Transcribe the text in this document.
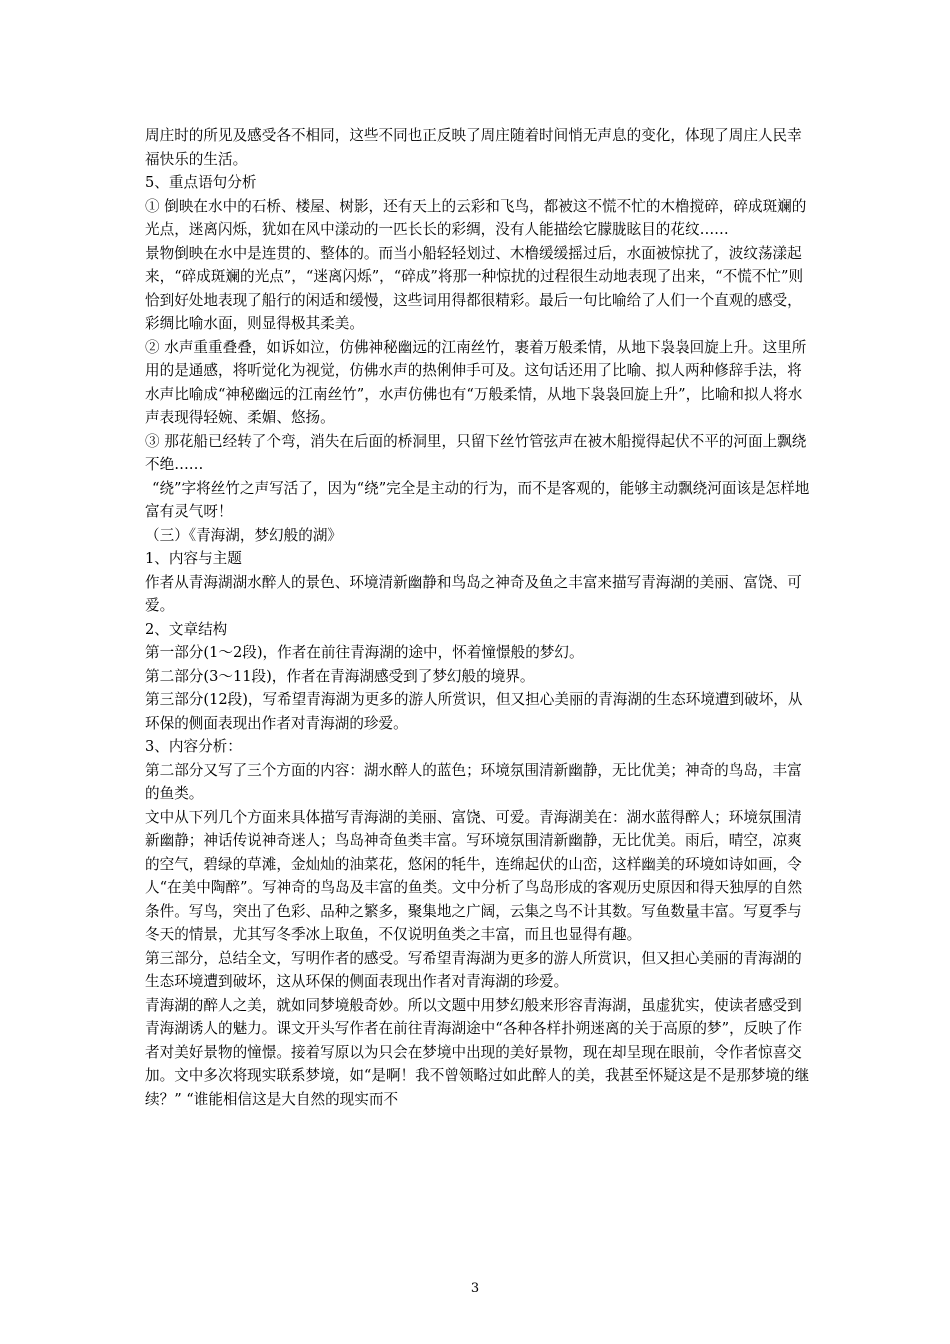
周庄时的所见及感受各不相同，这些不同也正反映了周庄随着时间悄无声息的变化，体现了周庄人民幸福快乐的生活。

5、重点语句分析

① 倒映在水中的石桥、楼屋、树影，还有天上的云彩和飞鸟，都被这不慌不忙的木橹搅碎，碎成斑斓的光点，迷离闪烁，犹如在风中漾动的一匹长长的彩绸，没有人能描绘它朦胧眩目的花纹……

景物倒映在水中是连贯的、整体的。而当小船轻轻划过、木橹缓缓摇过后，水面被惊扰了，波纹荡漾起来，“碎成斑斓的光点”，“迷离闪烁”，“碎成”将那一种惊扰的过程很生动地表现了出来，“不慌不忙”则恰到好处地表现了船行的闲适和缓慢，这些词用得都很精彩。最后一句比喻给了人们一个直观的感受，彩绸比喻水面，则显得极其柔美。

② 水声重重叠叠，如诉如泣，仿佛神秘幽远的江南丝竹，裹着万般柔情，从地下袅袅回旋上升。这里所用的是通感，将听觉化为视觉，仿佛水声的热俐伸手可及。这句话还用了比喻、拟人两种修辞手法，将水声比喻成“神秘幽远的江南丝竹”，水声仿佛也有“万般柔情，从地下袅袅回旋上升”，比喻和拟人将水声表现得轻婉、柔媚、悠扬。

③ 那花船已经转了个弯，消失在后面的桥洞里，只留下丝竹管弦声在被木船搅得起伏不平的河面上飘绕不绝……

“绕”字将丝竹之声写活了，因为“绕”完全是主动的行为，而不是客观的，能够主动飘绕河面该是怎样地富有灵气呀！

（三）《青海湖，梦幻般的湖》

1、内容与主题

作者从青海湖湖水醉人的景色、环境清新幽静和鸟岛之神奇及鱼之丰富来描写青海湖的美丽、富饶、可爱。

2、文章结构

第一部分(1～2段)，作者在前往青海湖的途中，怀着憧憬般的梦幻。

第二部分(3～11段)，作者在青海湖感受到了梦幻般的境界。

第三部分(12段)，写希望青海湖为更多的游人所赏识，但又担心美丽的青海湖的生态环境遭到破坏，从环保的侧面表现出作者对青海湖的珍爱。

3、内容分析：

第二部分又写了三个方面的内容：湖水醉人的蓝色；环境氛围清新幽静，无比优美；神奇的鸟岛，丰富的鱼类。

文中从下列几个方面来具体描写青海湖的美丽、富饶、可爱。青海湖美在：湖水蓝得醉人；环境氛围清新幽静；神话传说神奇迷人；鸟岛神奇鱼类丰富。写环境氛围清新幽静，无比优美。雨后，晴空，凉爽的空气，碧绿的草滩，金灿灿的油菜花，悠闲的牦牛，连绵起伏的山峦，这样幽美的环境如诗如画，令人“在美中陶醉”。写神奇的鸟岛及丰富的鱼类。文中分析了鸟岛形成的客观历史原因和得天独厚的自然条件。写鸟，突出了色彩、品种之繁多，聚集地之广阔，云集之鸟不计其数。写鱼数量丰富。写夏季与冬天的情景，尤其写冬季冰上取鱼，不仅说明鱼类之丰富，而且也显得有趣。

第三部分，总结全文，写明作者的感受。写希望青海湖为更多的游人所赏识，但又担心美丽的青海湖的生态环境遭到破坏，这从环保的侧面表现出作者对青海湖的珍爱。

青海湖的醉人之美，就如同梦境般奇妙。所以文题中用梦幻般来形容青海湖，虽虚犹实，使读者感受到青海湖诱人的魅力。课文开头写作者在前往青海湖途中“各种各样扑朔迷离的关于高原的梦”，反映了作者对美好景物的憧憬。接着写原以为只会在梦境中出现的美好景物，现在却呈现在眼前，令作者惊喜交加。文中多次将现实联系梦境，如“是啊！我不曾领略过如此醉人的美，我甚至怀疑这是不是那梦境的继续？” “谁能相信这是大自然的现实而不

3
